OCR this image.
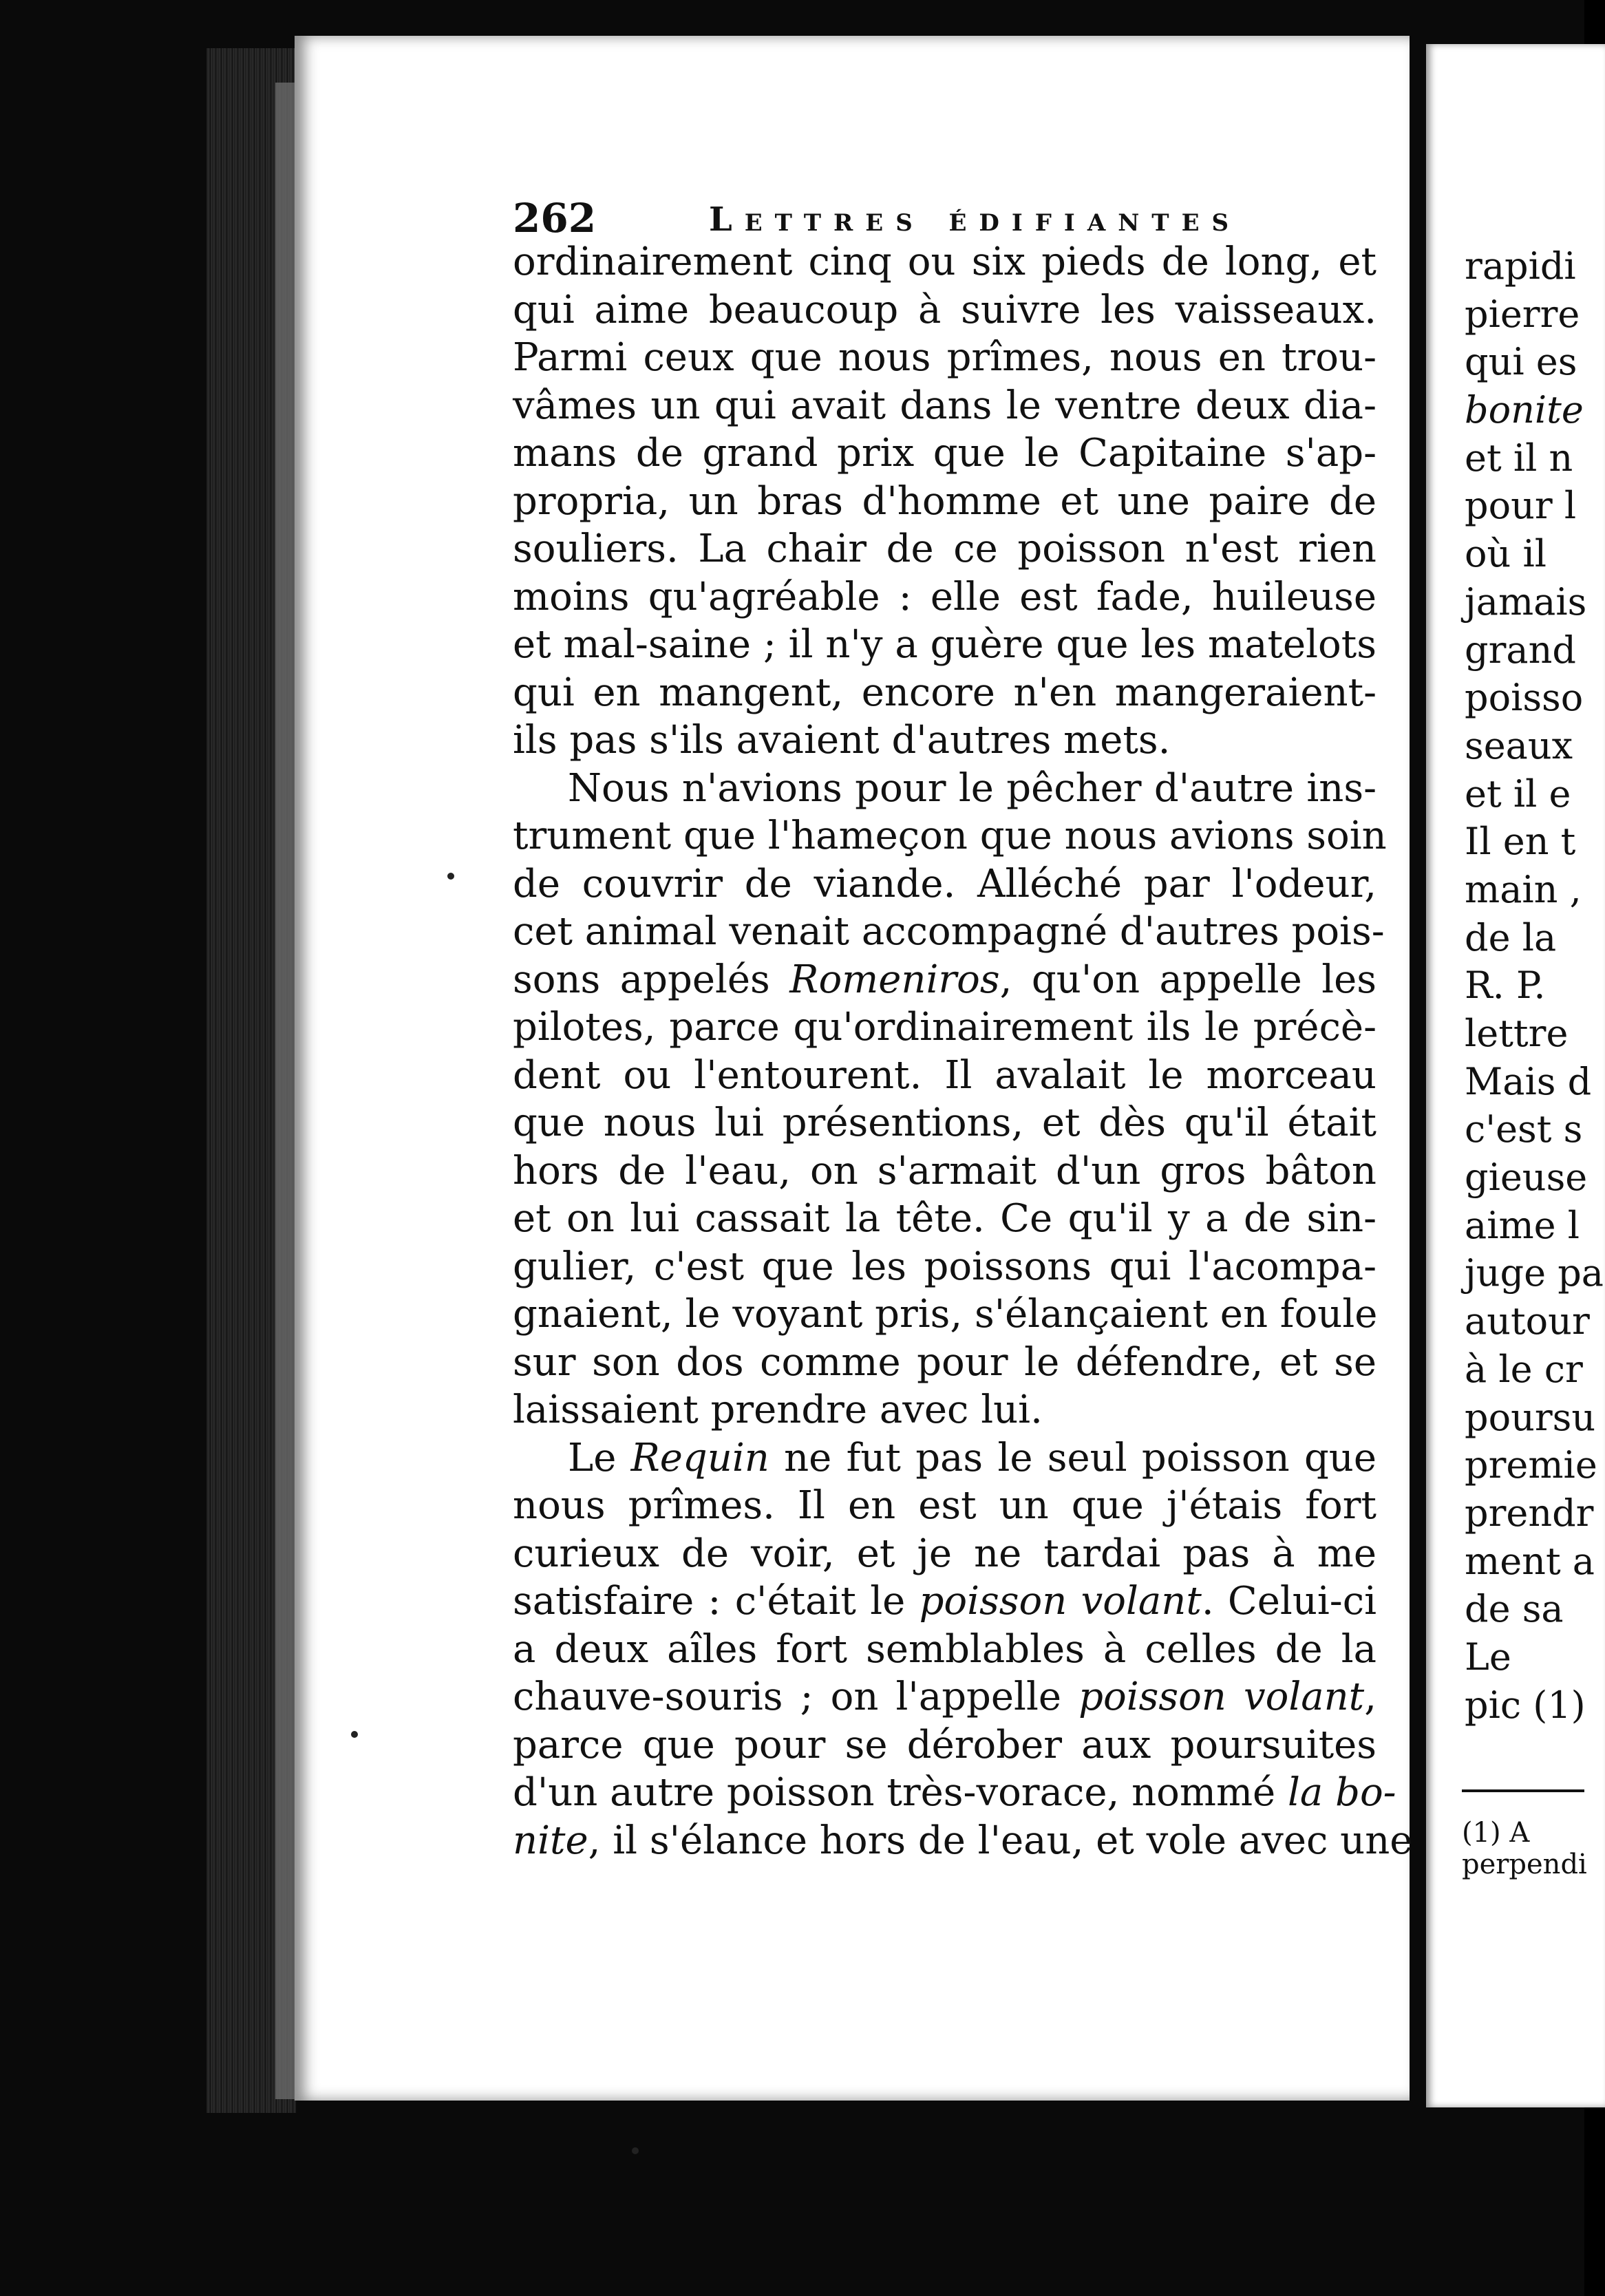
262	Lettres édifiantes
ordinairement cinq ou six pieds de long, et
qui aime beaucoup à suivre les vaisseaux.
Parmi ceux que nous prîmes, nous en trou-
vâmes un qui avait dans le ventre deux dia-
mans de grand prix que le Capitaine s'ap-
propria, un bras d'homme et une paire de
souliers. La chair de ce poisson n'est rien
moins qu'agréable : elle est fade, huileuse
et mal-saine ; il n'y a guère que les matelots
qui en mangent, encore n'en mangeraient-
ils pas s'ils avaient d'autres mets.
Nous n'avions pour le pêcher d'autre ins-
trument que l'hameçon que nous avions soin
de couvrir de viande. Alléché par l'odeur,
cet animal venait accompagné d'autres pois-
sons appelés Romeniros, qu'on appelle les
pilotes, parce qu'ordinairement ils le précè-
dent ou l'entourent. Il avalait le morceau
que nous lui présentions, et dès qu'il était
hors de l'eau, on s'armait d'un gros bâton
et on lui cassait la tête. Ce qu'il y a de sin-
gulier, c'est que les poissons qui l'acompa-
gnaient, le voyant pris, s'élançaient en foule
sur son dos comme pour le défendre, et se
laissaient prendre avec lui.
Le Requin ne fut pas le seul poisson que
nous prîmes. Il en est un que j'étais fort
curieux de voir, et je ne tardai pas à me
satisfaire : c'était le poisson volant. Celui-ci
a deux aîles fort semblables à celles de la
chauve-souris ; on l'appelle poisson volant,
parce que pour se dérober aux poursuites
d'un autre poisson très-vorace, nommé la bo-
nite, il s'élance hors de l'eau, et vole avec une
rapidi
pierre
qui es
bonite
et il n
pour l
où il
jamais
grand
poisso
seaux
et il e
Il en t
main ,
de la
R. P.
lettre
Mais d
c'est s
gieuse
aime l
juge pa
autour
à le cr
poursu
premie
prendr
ment a
de sa
Le
pic (1)
(1) A
perpendi
